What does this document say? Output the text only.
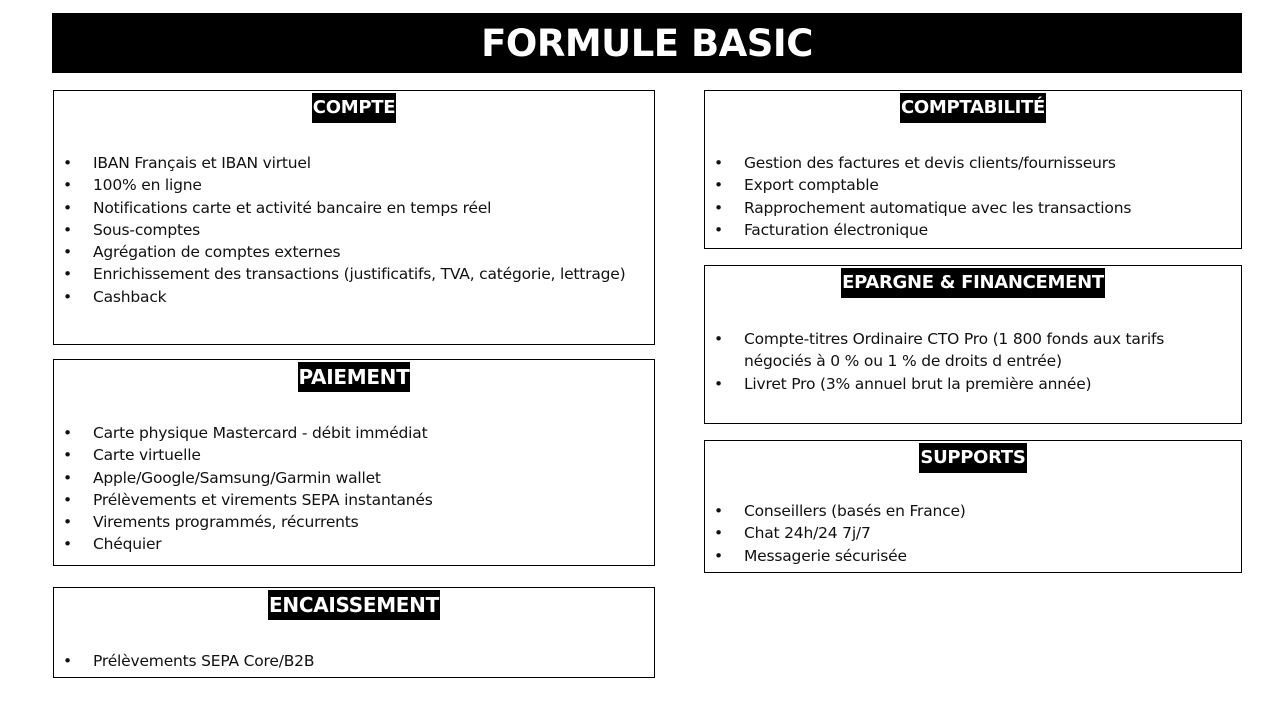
FORMULE BASIC
COMPTE
• IBAN Français et IBAN virtuel
• 100% en ligne
• Notifications carte et activité bancaire en temps réel
• Sous-comptes
• Agrégation de comptes externes
• Enrichissement des transactions (justificatifs, TVA, catégorie, lettrage)
• Cashback
PAIEMENT
• Carte physique Mastercard - débit immédiat
• Carte virtuelle
• Apple/Google/Samsung/Garmin wallet
• Prélèvements et virements SEPA instantanés
• Virements programmés, récurrents
• Chéquier
ENCAISSEMENT
• Prélèvements SEPA Core/B2B
COMPTABILITÉ
• Gestion des factures et devis clients/fournisseurs
• Export comptable
• Rapprochement automatique avec les transactions
• Facturation électronique
EPARGNE & FINANCEMENT
• Compte-titres Ordinaire CTO Pro (1 800 fonds aux tarifs négociés à 0 % ou 1 % de droits d entrée)
• Livret Pro (3% annuel brut la première année)
SUPPORTS
• Conseillers (basés en France)
• Chat 24h/24 7j/7
• Messagerie sécurisée
